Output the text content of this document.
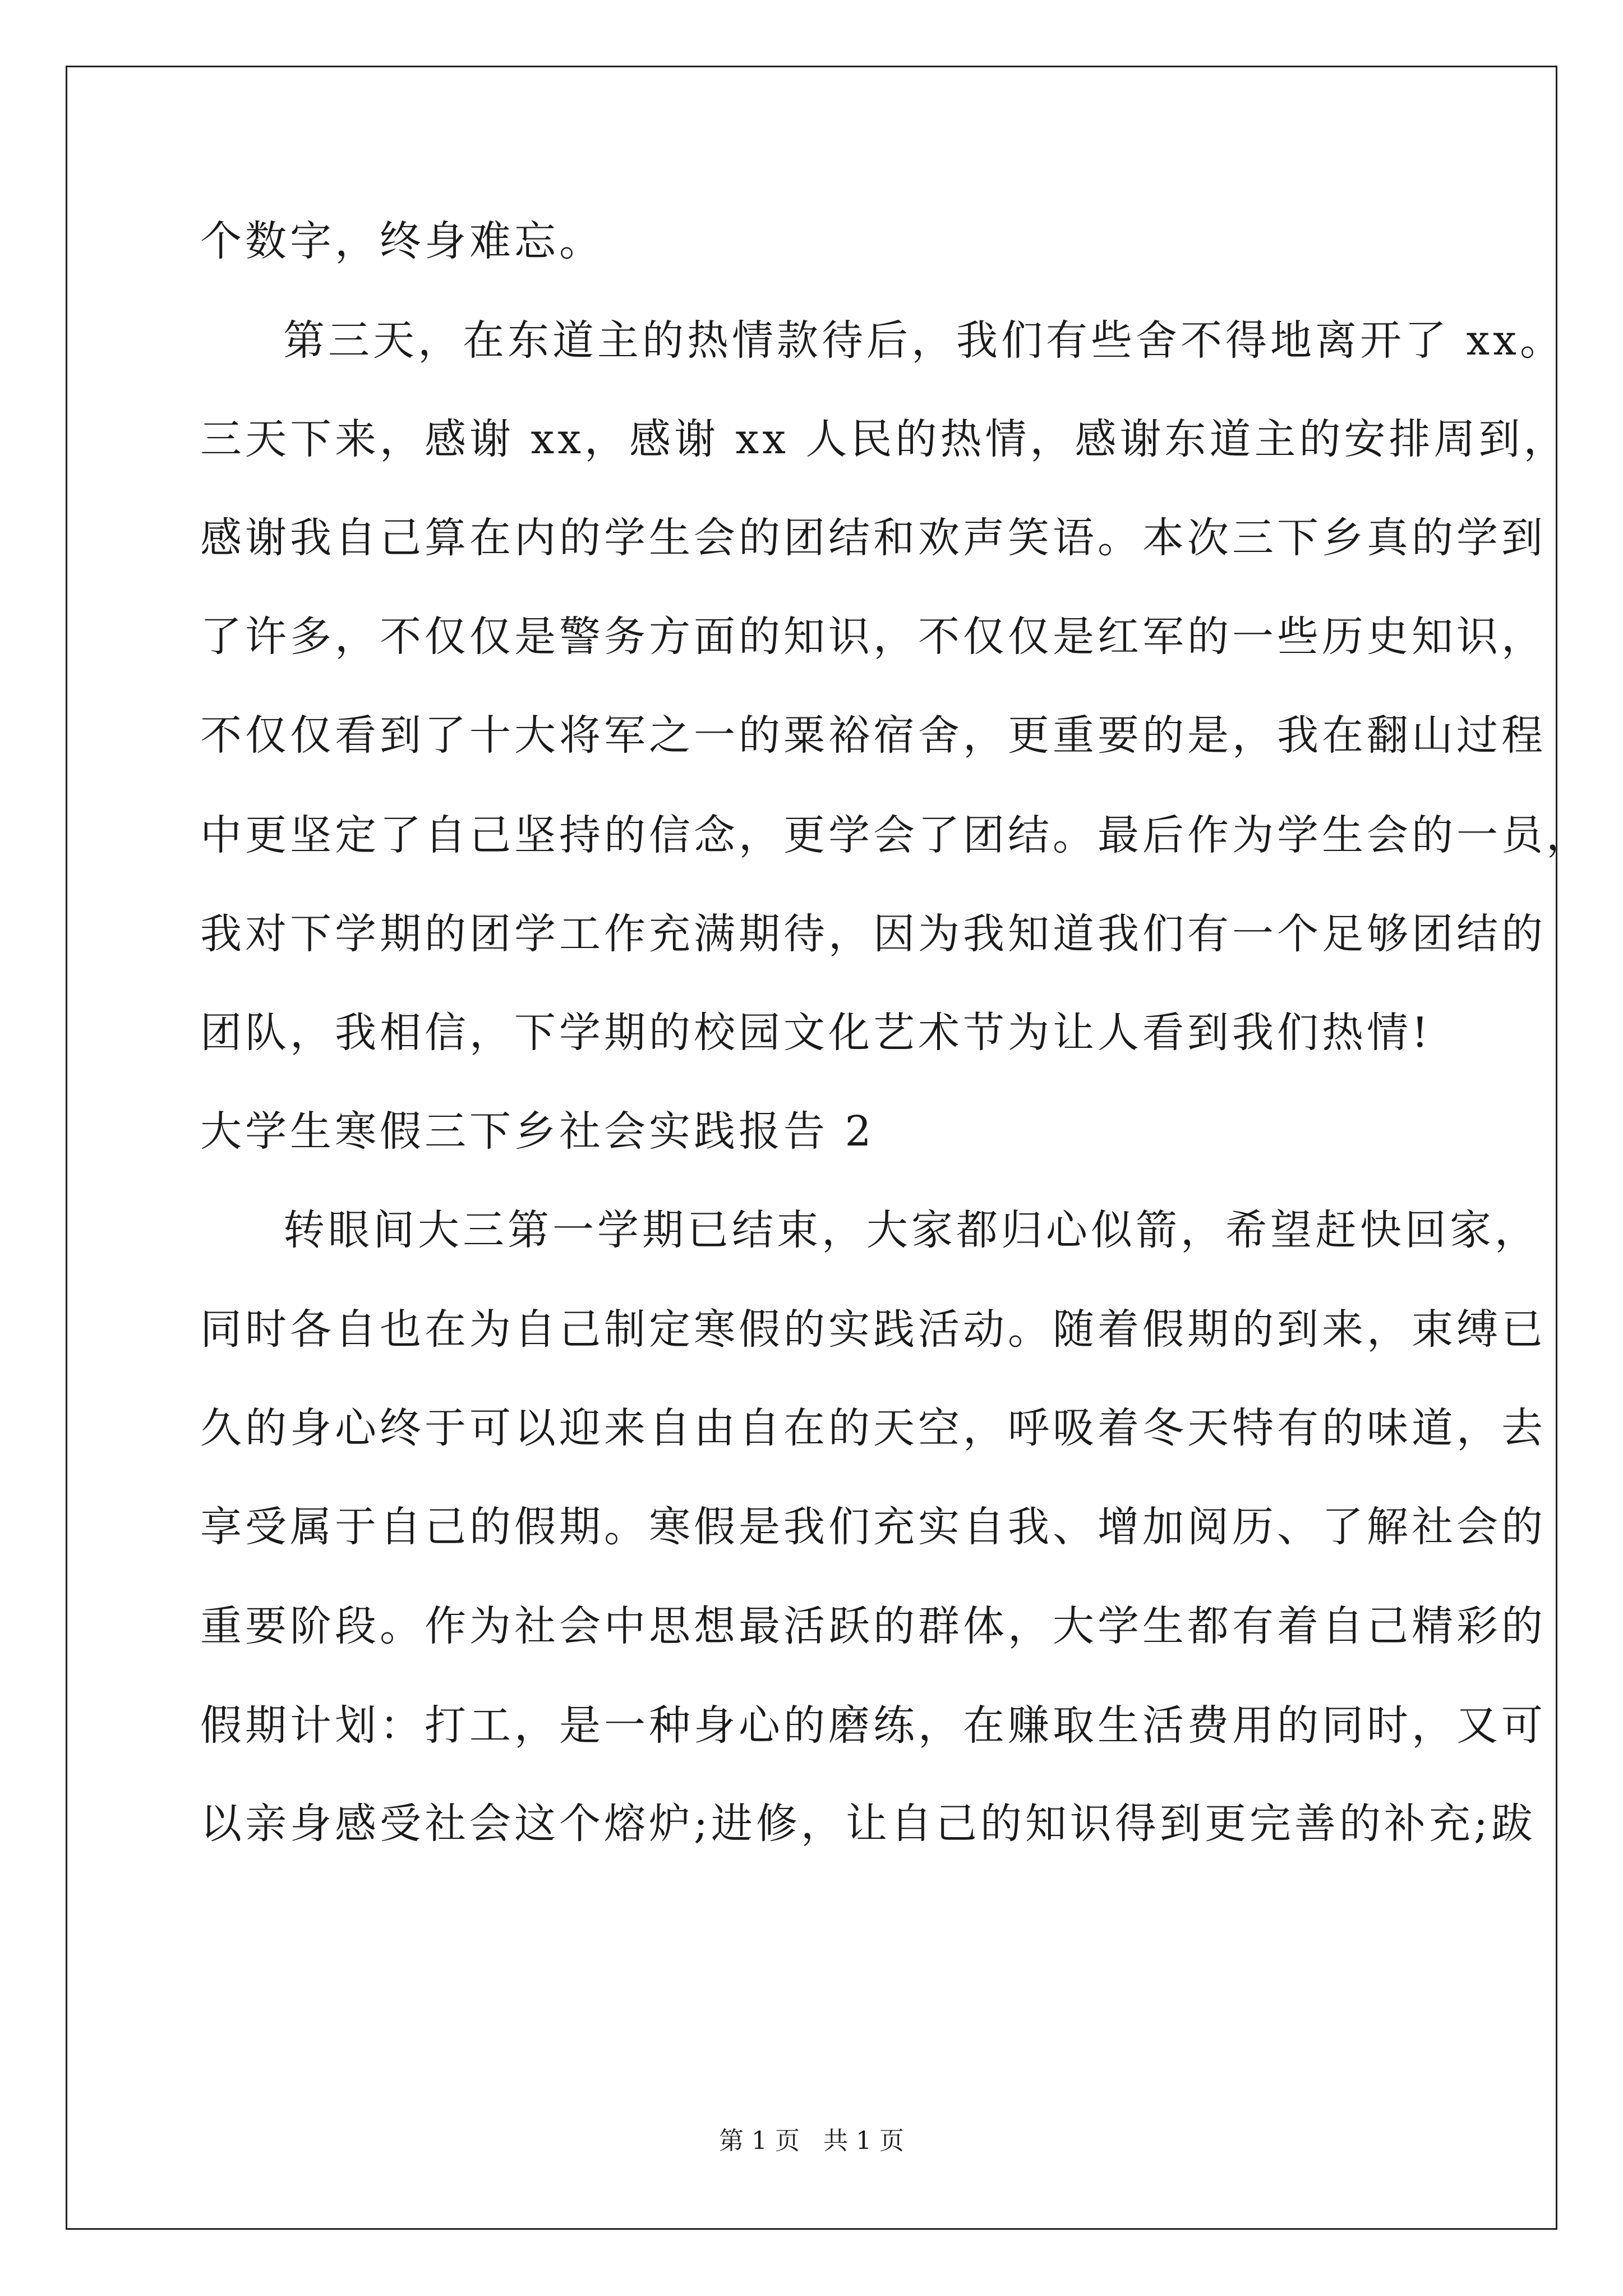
个数字，终身难忘。
第三天，在东道主的热情款待后，我们有些舍不得地离开了 xx。
三天下来，感谢 xx，感谢 xx 人民的热情，感谢东道主的安排周到，
感谢我自己算在内的学生会的团结和欢声笑语。本次三下乡真的学到
了许多，不仅仅是警务方面的知识，不仅仅是红军的一些历史知识，
不仅仅看到了十大将军之一的粟裕宿舍，更重要的是，我在翻山过程
中更坚定了自己坚持的信念，更学会了团结。最后作为学生会的一员，
我对下学期的团学工作充满期待，因为我知道我们有一个足够团结的
团队，我相信，下学期的校园文化艺术节为让人看到我们热情!
大学生寒假三下乡社会实践报告 2
转眼间大三第一学期已结束，大家都归心似箭，希望赶快回家，
同时各自也在为自己制定寒假的实践活动。随着假期的到来，束缚已
久的身心终于可以迎来自由自在的天空，呼吸着冬天特有的味道，去
享受属于自己的假期。寒假是我们充实自我、增加阅历、了解社会的
重要阶段。作为社会中思想最活跃的群体，大学生都有着自己精彩的
假期计划：打工，是一种身心的磨练，在赚取生活费用的同时，又可
以亲身感受社会这个熔炉;进修，让自己的知识得到更完善的补充;跋
第 1 页   共 1 页
